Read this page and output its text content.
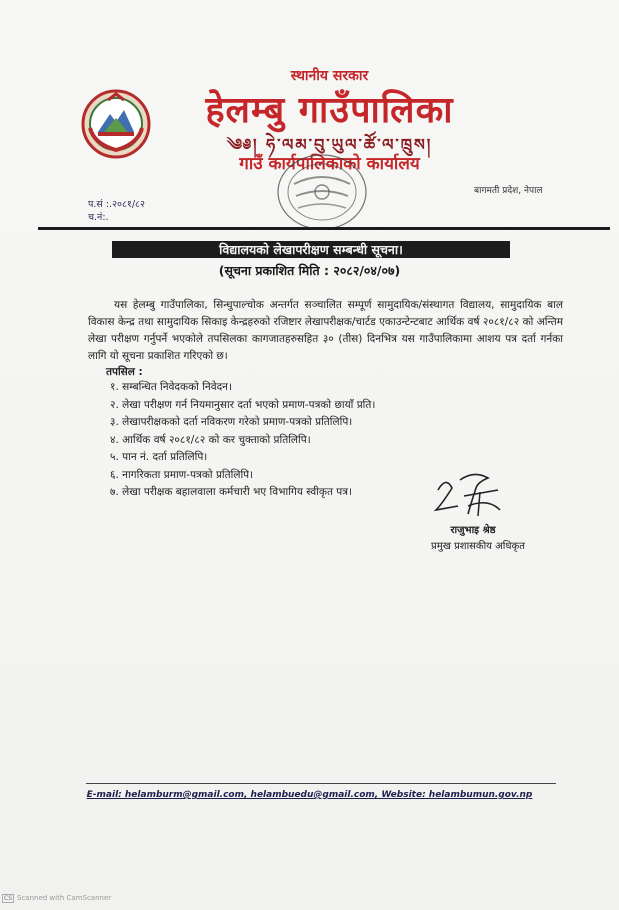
स्थानीय सरकार
हेलम्बु गाउँपालिका
༄༅། ཧེ་ལམ་བུ་ཡུལ་ཚོ་ལ་ཁྲུས།
गाउँ कार्यपालिकाको कार्यालय
बागमती प्रदेश, नेपाल
प.सं :.२०८१/८२
च.नं:.
विद्यालयको लेखापरीक्षण सम्बन्धी सूचना।
(सूचना प्रकाशित मिति : २०८२/०४/०७)
यस हेलम्बु गाउँपालिका, सिन्धुपाल्चोक अन्तर्गत सञ्चालित सम्पूर्ण सामुदायिक/संस्थागत विद्यालय, सामुदायिक बाल विकास केन्द्र तथा सामुदायिक सिकाइ केन्द्रहरुको रजिष्टार लेखापरीक्षक/चार्टड एकाउन्टेन्टबाट आर्थिक वर्ष २०८१/८२ को अन्तिम लेखा परीक्षण गर्नुपर्ने भएकोले तपसिलका कागजातहरुसहित ३० (तीस) दिनभित्र यस गाउँपालिकामा आशय पत्र दर्ता गर्नका लागि यो सूचना प्रकाशित गरिएको छ।
तपसिल :
१. सम्बन्धित निवेदकको निवेदन।
२. लेखा परीक्षण गर्न नियमानुसार दर्ता भएको प्रमाण-पत्रको छायाँ प्रति।
३. लेखापरीक्षकको दर्ता नविकरण गरेको प्रमाण-पत्रको प्रतिलिपि।
४. आर्थिक वर्ष २०८१/८२ को कर चुक्ताको प्रतिलिपि।
५. पान नं. दर्ता प्रतिलिपि।
६. नागरिकता प्रमाण-पत्रको प्रतिलिपि।
७. लेखा परीक्षक बहालवाला कर्मचारी भए विभागिय स्वीकृत पत्र।
राजुभाइ श्रेष्ठ
प्रमुख प्रशासकीय अधिकृत
E-mail: helamburm@gmail.com, helambuedu@gmail.com, Website: helambumun.gov.np
CS Scanned with CamScanner
